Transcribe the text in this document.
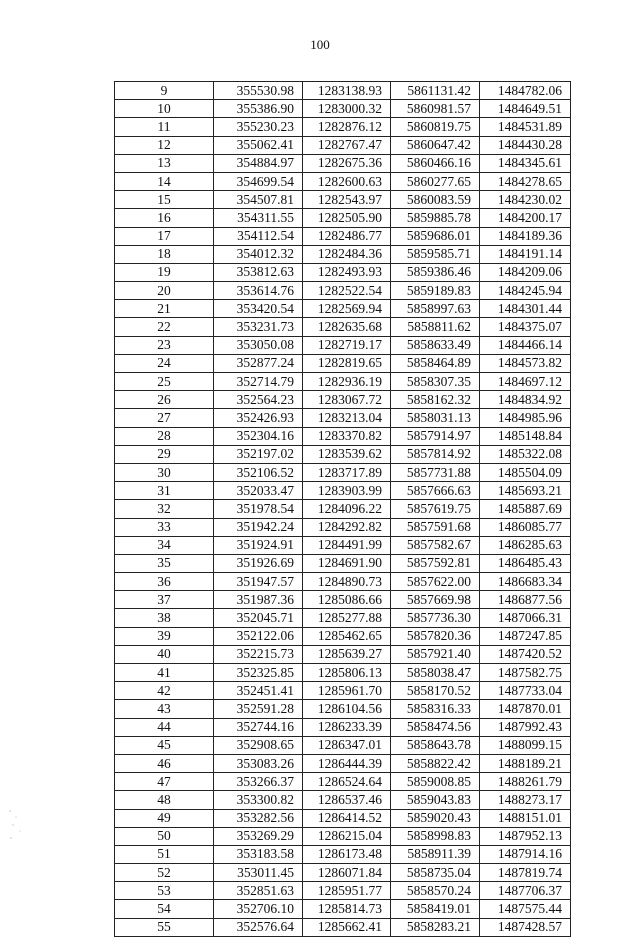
100
9	355530.98	1283138.93	5861131.42	1484782.06
10	355386.90	1283000.32	5860981.57	1484649.51
11	355230.23	1282876.12	5860819.75	1484531.89
12	355062.41	1282767.47	5860647.42	1484430.28
13	354884.97	1282675.36	5860466.16	1484345.61
14	354699.54	1282600.63	5860277.65	1484278.65
15	354507.81	1282543.97	5860083.59	1484230.02
16	354311.55	1282505.90	5859885.78	1484200.17
17	354112.54	1282486.77	5859686.01	1484189.36
18	354012.32	1282484.36	5859585.71	1484191.14
19	353812.63	1282493.93	5859386.46	1484209.06
20	353614.76	1282522.54	5859189.83	1484245.94
21	353420.54	1282569.94	5858997.63	1484301.44
22	353231.73	1282635.68	5858811.62	1484375.07
23	353050.08	1282719.17	5858633.49	1484466.14
24	352877.24	1282819.65	5858464.89	1484573.82
25	352714.79	1282936.19	5858307.35	1484697.12
26	352564.23	1283067.72	5858162.32	1484834.92
27	352426.93	1283213.04	5858031.13	1484985.96
28	352304.16	1283370.82	5857914.97	1485148.84
29	352197.02	1283539.62	5857814.92	1485322.08
30	352106.52	1283717.89	5857731.88	1485504.09
31	352033.47	1283903.99	5857666.63	1485693.21
32	351978.54	1284096.22	5857619.75	1485887.69
33	351942.24	1284292.82	5857591.68	1486085.77
34	351924.91	1284491.99	5857582.67	1486285.63
35	351926.69	1284691.90	5857592.81	1486485.43
36	351947.57	1284890.73	5857622.00	1486683.34
37	351987.36	1285086.66	5857669.98	1486877.56
38	352045.71	1285277.88	5857736.30	1487066.31
39	352122.06	1285462.65	5857820.36	1487247.85
40	352215.73	1285639.27	5857921.40	1487420.52
41	352325.85	1285806.13	5858038.47	1487582.75
42	352451.41	1285961.70	5858170.52	1487733.04
43	352591.28	1286104.56	5858316.33	1487870.01
44	352744.16	1286233.39	5858474.56	1487992.43
45	352908.65	1286347.01	5858643.78	1488099.15
46	353083.26	1286444.39	5858822.42	1488189.21
47	353266.37	1286524.64	5859008.85	1488261.79
48	353300.82	1286537.46	5859043.83	1488273.17
49	353282.56	1286414.52	5859020.43	1488151.01
50	353269.29	1286215.04	5858998.83	1487952.13
51	353183.58	1286173.48	5858911.39	1487914.16
52	353011.45	1286071.84	5858735.04	1487819.74
53	352851.63	1285951.77	5858570.24	1487706.37
54	352706.10	1285814.73	5858419.01	1487575.44
55	352576.64	1285662.41	5858283.21	1487428.57
